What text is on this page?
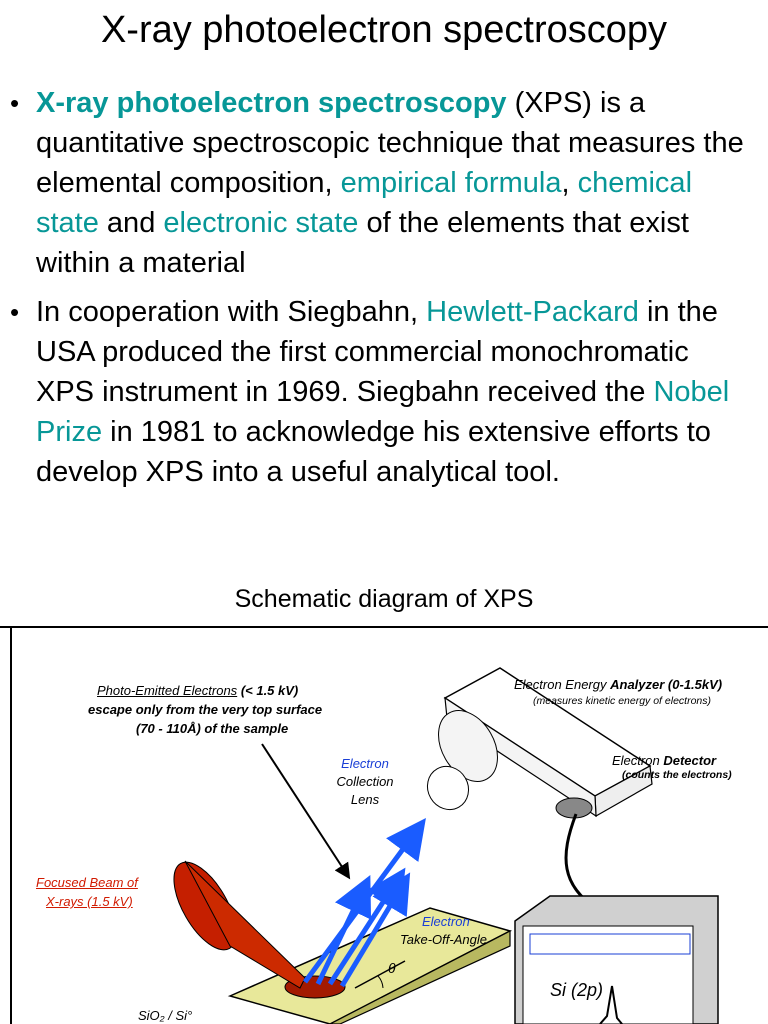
X-ray photoelectron spectroscopy
• X-ray photoelectron spectroscopy (XPS) is a quantitative spectroscopic technique that measures the elemental composition, empirical formula, chemical state and electronic state of the elements that exist within a material
• In cooperation with Siegbahn, Hewlett-Packard in the USA produced the first commercial monochromatic XPS instrument in 1969. Siegbahn received the Nobel Prize in 1981 to acknowledge his extensive efforts to develop XPS into a useful analytical tool.
Schematic diagram of XPS
Photo-Emitted Electrons (< 1.5 kV)
escape only from the very top surface
(70 - 110Å) of the sample
Electron Energy Analyzer (0-1.5kV)
(measures kinetic energy of electrons)
Electron
Collection
Lens
Electron Detector
(counts the electrons)
Focused Beam of
X-rays (1.5 kV)
Electron
Take-Off-Angle
θ
SiO₂ / Si°
Si (2p)
